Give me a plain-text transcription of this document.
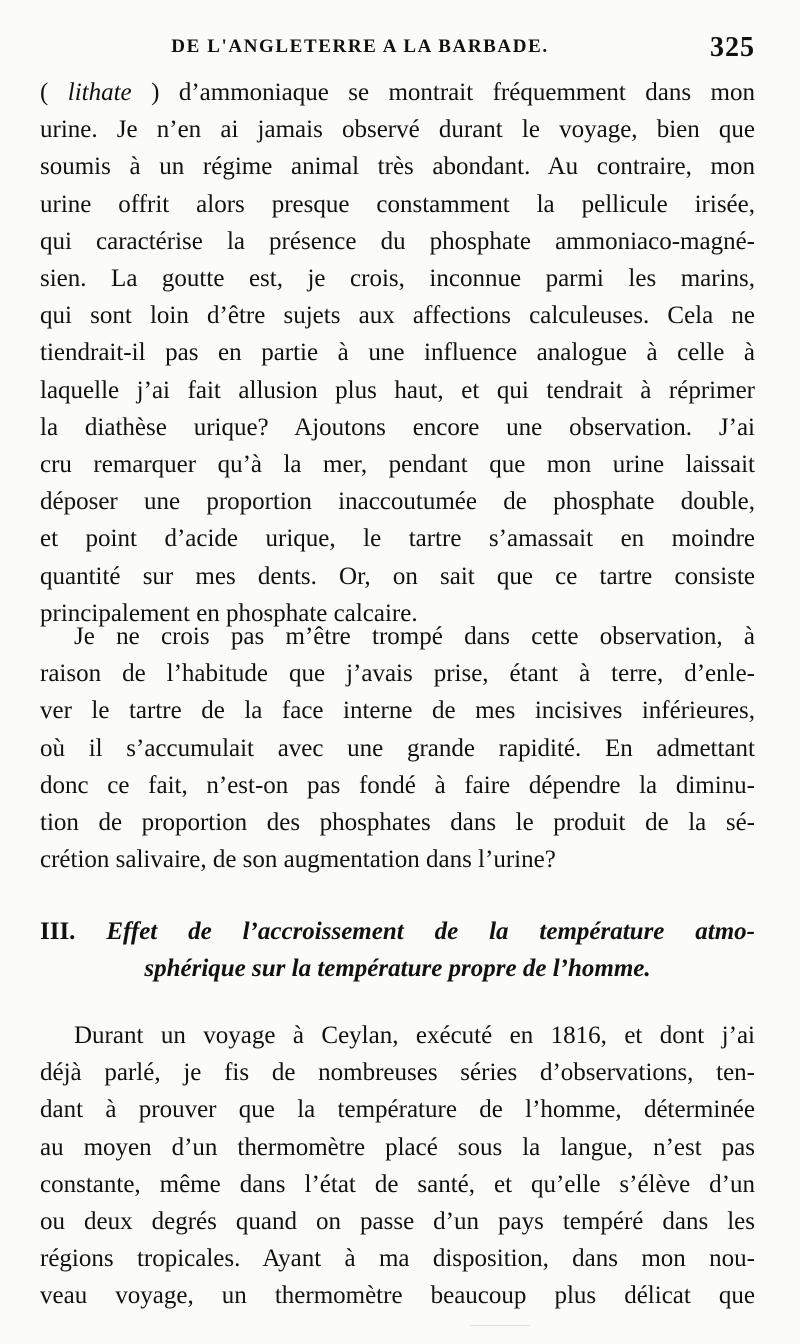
DE L'ANGLETERRE A LA BARBADE.	325
( lithate ) d’ammoniaque se montrait fréquemment dans mon
urine. Je n’en ai jamais observé durant le voyage, bien que
soumis à un régime animal très abondant. Au contraire, mon
urine offrit alors presque constamment la pellicule irisée,
qui caractérise la présence du phosphate ammoniaco-magné-
sien. La goutte est, je crois, inconnue parmi les marins,
qui sont loin d’être sujets aux affections calculeuses. Cela ne
tiendrait-il pas en partie à une influence analogue à celle à
laquelle j’ai fait allusion plus haut, et qui tendrait à réprimer
la diathèse urique? Ajoutons encore une observation. J’ai
cru remarquer qu’à la mer, pendant que mon urine laissait
déposer une proportion inaccoutumée de phosphate double,
et point d’acide urique, le tartre s’amassait en moindre
quantité sur mes dents. Or, on sait que ce tartre consiste
principalement en phosphate calcaire.
Je ne crois pas m’être trompé dans cette observation, à
raison de l’habitude que j’avais prise, étant à terre, d’enle-
ver le tartre de la face interne de mes incisives inférieures,
où il s’accumulait avec une grande rapidité. En admettant
donc ce fait, n’est-on pas fondé à faire dépendre la diminu-
tion de proportion des phosphates dans le produit de la sé-
crétion salivaire, de son augmentation dans l’urine?
III. Effet de l’accroissement de la température atmo-
sphérique sur la température propre de l’homme.
Durant un voyage à Ceylan, exécuté en 1816, et dont j’ai
déjà parlé, je fis de nombreuses séries d’observations, ten-
dant à prouver que la température de l’homme, déterminée
au moyen d’un thermomètre placé sous la langue, n’est pas
constante, même dans l’état de santé, et qu’elle s’élève d’un
ou deux degrés quand on passe d’un pays tempéré dans les
régions tropicales. Ayant à ma disposition, dans mon nou-
veau voyage, un thermomètre beaucoup plus délicat que
